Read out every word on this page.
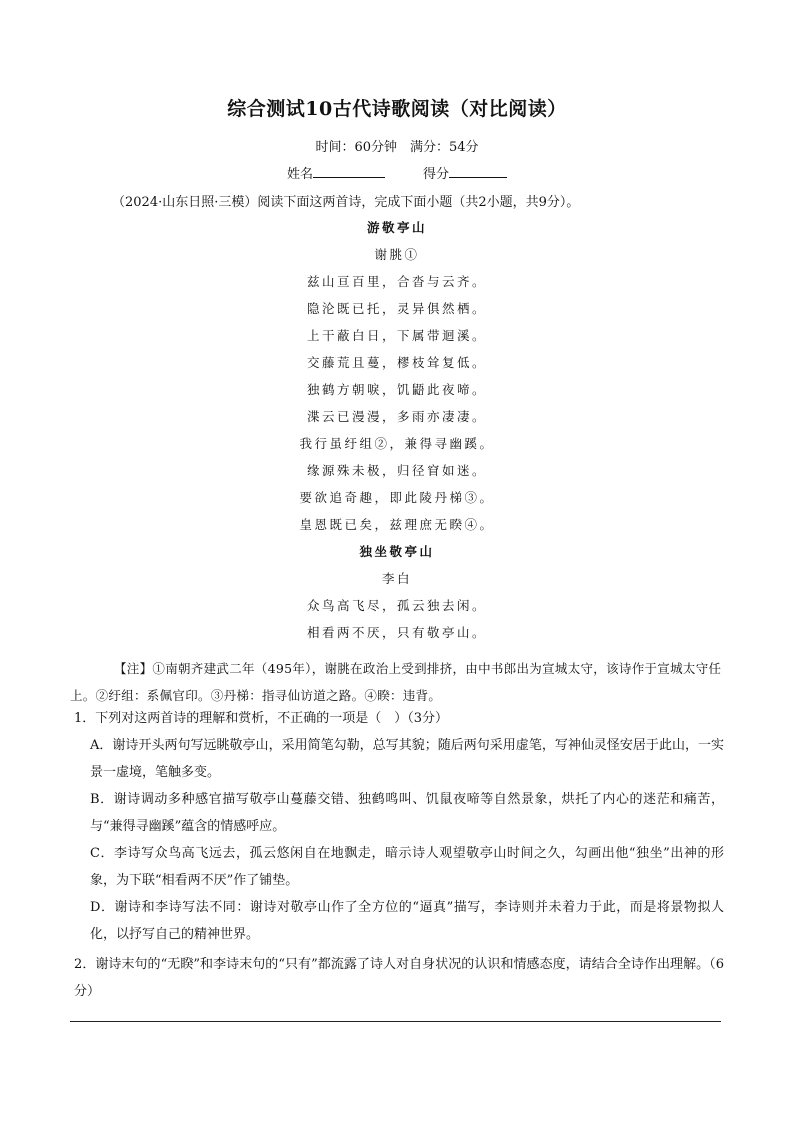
综合测试10古代诗歌阅读（对比阅读）
时间：60分钟　满分：54分
姓名	得分
（2024·山东日照·三模）阅读下面这两首诗，完成下面小题（共2小题，共9分）。
游敬亭山
谢朓①
兹山亘百里，合沓与云齐。
隐沦既已托，灵异俱然栖。
上干蔽白日，下属带迴溪。
交藤荒且蔓，樛枝耸复低。
独鹤方朝唳，饥鼯此夜啼。
渫云已漫漫，多雨亦凄凄。
我行虽纡组②，兼得寻幽蹊。
缘源殊未极，归径窅如迷。
要欲追奇趣，即此陵丹梯③。
皇恩既已矣，兹理庶无睽④。
独坐敬亭山
李白
众鸟高飞尽，孤云独去闲。
相看两不厌，只有敬亭山。
【注】①南朝齐建武二年（495年），谢朓在政治上受到排挤，由中书郎出为宣城太守，该诗作于宣城太守任上。②纡组：系佩官印。③丹梯：指寻仙访道之路。④睽：违背。
1．下列对这两首诗的理解和赏析，不正确的一项是（　）（3分）
A．谢诗开头两句写远眺敬亭山，采用简笔勾勒，总写其貌；随后两句采用虚笔，写神仙灵怪安居于此山，一实景一虚境，笔触多变。
B．谢诗调动多种感官描写敬亭山蔓藤交错、独鹤鸣叫、饥鼠夜啼等自然景象，烘托了内心的迷茫和痛苦，与“兼得寻幽蹊”蕴含的情感呼应。
C．李诗写众鸟高飞远去，孤云悠闲自在地飘走，暗示诗人观望敬亭山时间之久，勾画出他“独坐”出神的形象，为下联“相看两不厌”作了铺垫。
D．谢诗和李诗写法不同：谢诗对敬亭山作了全方位的“逼真”描写，李诗则并未着力于此，而是将景物拟人化，以抒写自己的精神世界。
2．谢诗末句的“无睽”和李诗末句的“只有”都流露了诗人对自身状况的认识和情感态度，请结合全诗作出理解。（6分）
